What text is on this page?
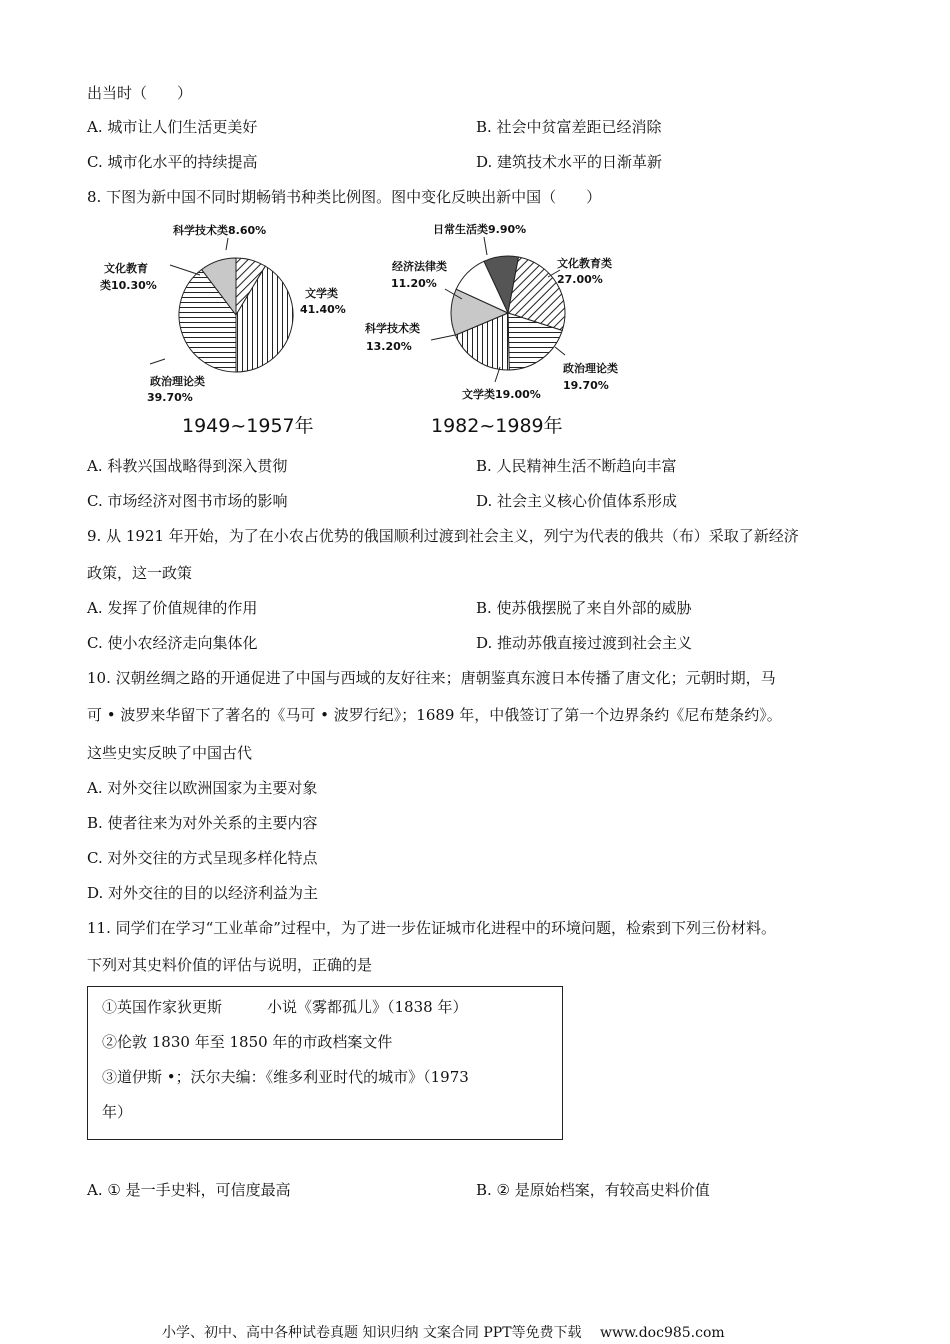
出当时（　　）
A. 城市让人们生活更美好	B. 社会中贫富差距已经消除
C. 城市化水平的持续提高	D. 建筑技术水平的日渐革新
8. 下图为新中国不同时期畅销书种类比例图。图中变化反映出新中国（　　）
科学技术类8.60%
文学类
41.40%
政治理论类
39.70%
文化教育
类10.30%
日常生活类9.90%
文化教育类
27.00%
政治理论类
19.70%
文学类19.00%
科学技术类
13.20%
经济法律类
11.20%
1949~1957年	1982~1989年
A. 科教兴国战略得到深入贯彻	B. 人民精神生活不断趋向丰富
C. 市场经济对图书市场的影响	D. 社会主义核心价值体系形成
9. 从 1921 年开始，为了在小农占优势的俄国顺利过渡到社会主义，列宁为代表的俄共（布）采取了新经济
政策，这一政策
A. 发挥了价值规律的作用	B. 使苏俄摆脱了来自外部的威胁
C. 使小农经济走向集体化	D. 推动苏俄直接过渡到社会主义
10. 汉朝丝绸之路的开通促进了中国与西域的友好往来；唐朝鉴真东渡日本传播了唐文化；元朝时期，马
可 • 波罗来华留下了著名的《马可 • 波罗行纪》；1689 年，中俄签订了第一个边界条约《尼布楚条约》。
这些史实反映了中国古代
A. 对外交往以欧洲国家为主要对象
B. 使者往来为对外关系的主要内容
C. 对外交往的方式呈现多样化特点
D. 对外交往的目的以经济利益为主
11. 同学们在学习“工业革命”过程中，为了进一步佐证城市化进程中的环境问题，检索到下列三份材料。
下列对其史料价值的评估与说明，正确的是
①英国作家狄更斯　　　小说《雾都孤儿》（1838 年）
②伦敦 1830 年至 1850 年的市政档案文件
③道伊斯 •；沃尔夫编：《维多利亚时代的城市》（1973
年）
A. ① 是一手史料，可信度最高	B. ② 是原始档案，有较高史料价值
小学、初中、高中各种试卷真题 知识归纳 文案合同 PPT等免费下载　 www.doc985.com
